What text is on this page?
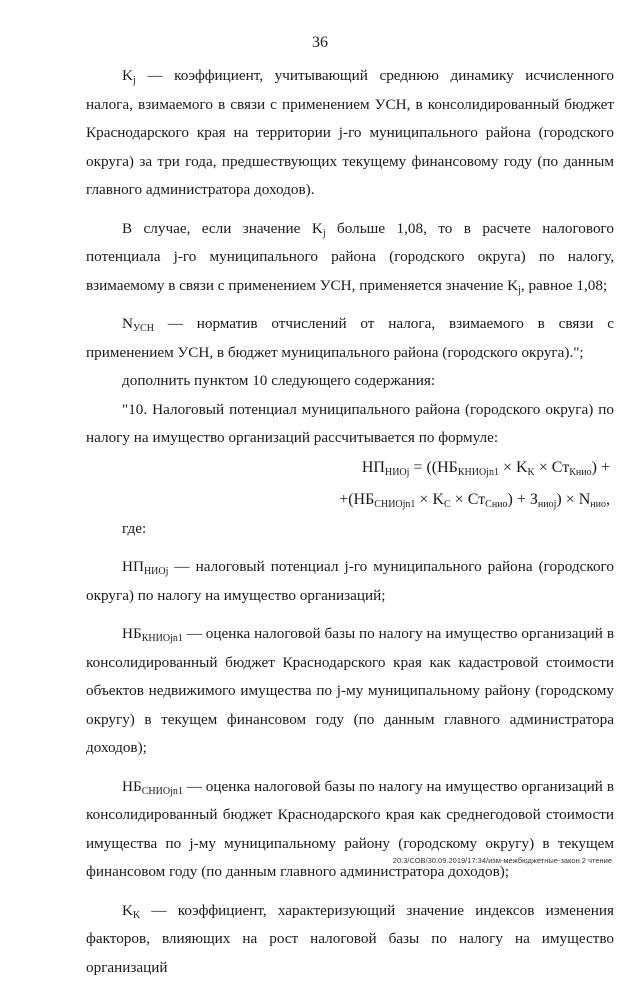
36

$K_j$ — коэффициент, учитывающий среднюю динамику исчисленного налога, взимаемого в связи с применением УСН, в консолидированный бюджет Краснодарского края на территории j-го муниципального района (городского округа) за три года, предшествующих текущему финансовому году (по данным главного администратора доходов).

В случае, если значение $K_j$ больше 1,08, то в расчете налогового потенциала j-го муниципального района (городского округа) по налогу, взимаемому в связи с применением УСН, применяется значение $K_j$, равное 1,08;

$N_{УСН}$ — норматив отчислений от налога, взимаемого в связи с применением УСН, в бюджет муниципального района (городского округа).";

дополнить пунктом 10 следующего содержания:

"10. Налоговый потенциал муниципального района (городского округа) по налогу на имущество организаций рассчитывается по формуле:

$НП_{НИОj} = ((НБ_{КНИОjn1} \times K_K \times Ст_{Книо})$ +
$+(НБ_{СНИОjn1} \times K_C \times Ст_{Снио}) + З_{ниоj}) \times N_{нио}$,

где:

$НП_{НИОj}$ — налоговый потенциал j-го муниципального района (городского округа) по налогу на имущество организаций;

$НБ_{КНИОjn1}$ — оценка налоговой базы по налогу на имущество организаций в консолидированный бюджет Краснодарского края как кадастровой стоимости объектов недвижимого имущества по j-му муниципальному району (городскому округу) в текущем финансовом году (по данным главного администратора доходов);

$НБ_{СНИОjn1}$ — оценка налоговой базы по налогу на имущество организаций в консолидированный бюджет Краснодарского края как среднегодовой стоимости имущества по j-му муниципальному району (городскому округу) в текущем финансовом году (по данным главного администратора доходов);

$K_K$ — коэффициент, характеризующий значение индексов изменения факторов, влияющих на рост налоговой базы по налогу на имущество организаций

20.3/СОВ/30.09.2019/17:34/изм-межбюджетные-закон 2 чтение
